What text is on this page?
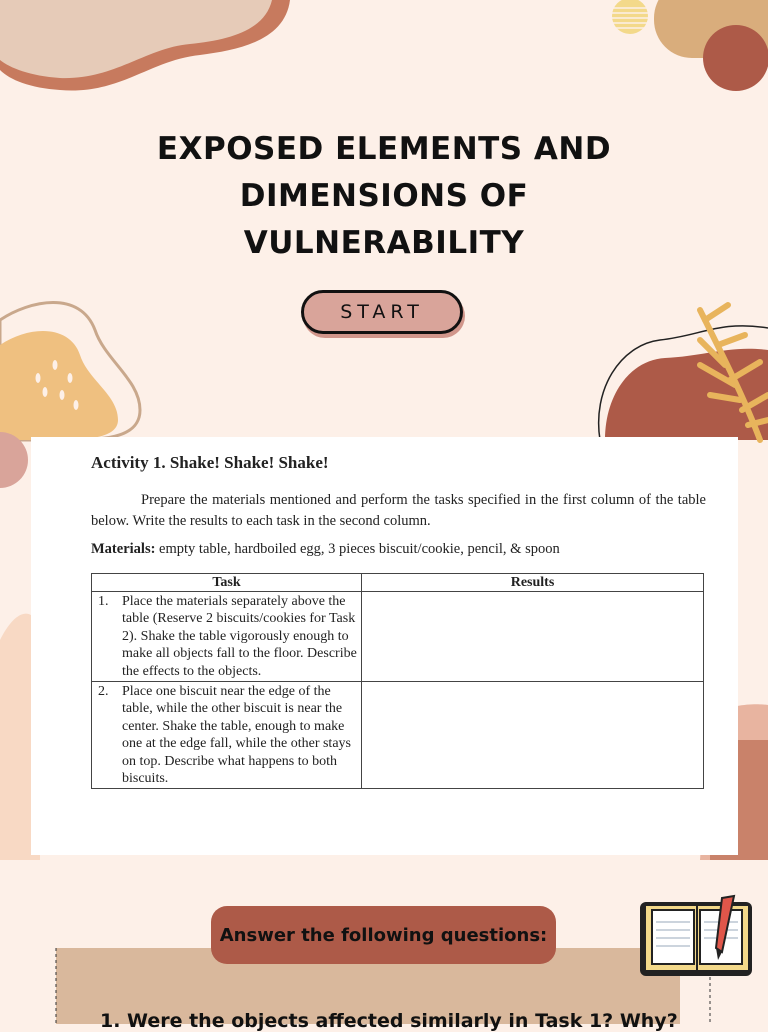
EXPOSED ELEMENTS AND
DIMENSIONS OF
VULNERABILITY
START
Activity 1. Shake! Shake! Shake!
Prepare the materials mentioned and perform the tasks specified in the first column of the table below. Write the results to each task in the second column.
Materials: empty table, hardboiled egg, 3 pieces biscuit/cookie, pencil, & spoon
Task	Results

1. Place the materials separately above the table (Reserve 2 biscuits/cookies for Task 2). Shake the table vigorously enough to make all objects fall to the floor. Describe the effects to the objects.	

2. Place one biscuit near the edge of the table, while the other biscuit is near the center. Shake the table, enough to make one at the edge fall, while the other stays on top. Describe what happens to both biscuits.	

Answer the following questions:
1. Were the objects affected similarly in Task 1? Why?
